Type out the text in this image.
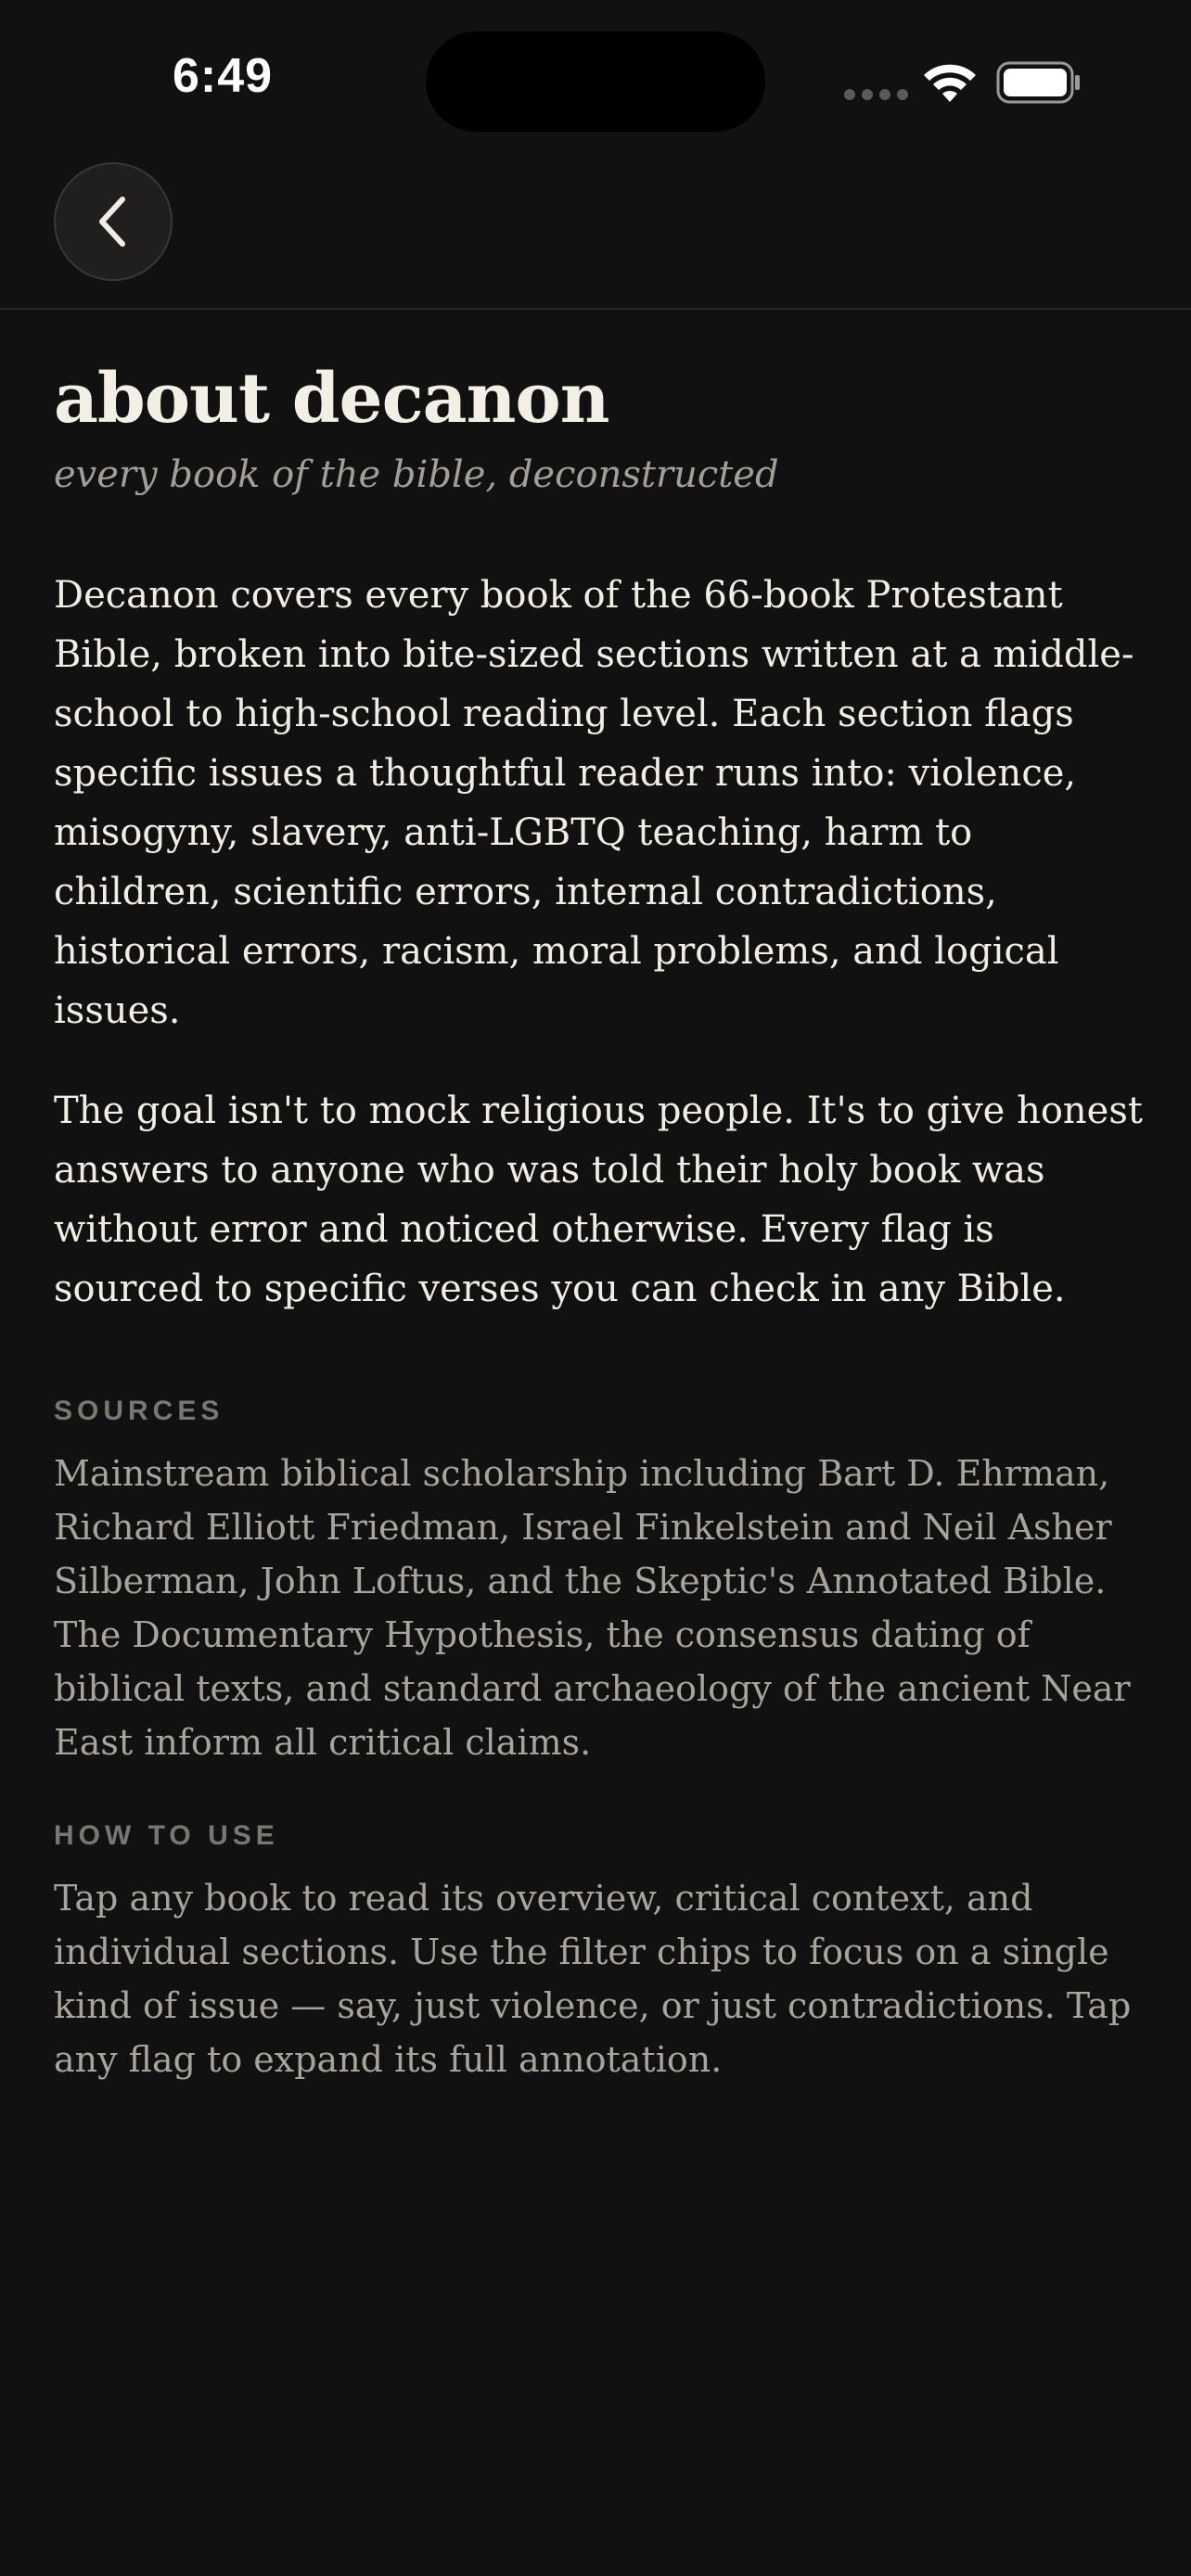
6:49
about decanon
every book of the bible, deconstructed

Decanon covers every book of the 66-book Protestant Bible, broken into bite-sized sections written at a middle-school to high-school reading level. Each section flags specific issues a thoughtful reader runs into: violence, misogyny, slavery, anti-LGBTQ teaching, harm to children, scientific errors, internal contradictions, historical errors, racism, moral problems, and logical issues.

The goal isn't to mock religious people. It's to give honest answers to anyone who was told their holy book was without error and noticed otherwise. Every flag is sourced to specific verses you can check in any Bible.

SOURCES

Mainstream biblical scholarship including Bart D. Ehrman, Richard Elliott Friedman, Israel Finkelstein and Neil Asher Silberman, John Loftus, and the Skeptic's Annotated Bible. The Documentary Hypothesis, the consensus dating of biblical texts, and standard archaeology of the ancient Near East inform all critical claims.

HOW TO USE

Tap any book to read its overview, critical context, and individual sections. Use the filter chips to focus on a single kind of issue — say, just violence, or just contradictions. Tap any flag to expand its full annotation.
